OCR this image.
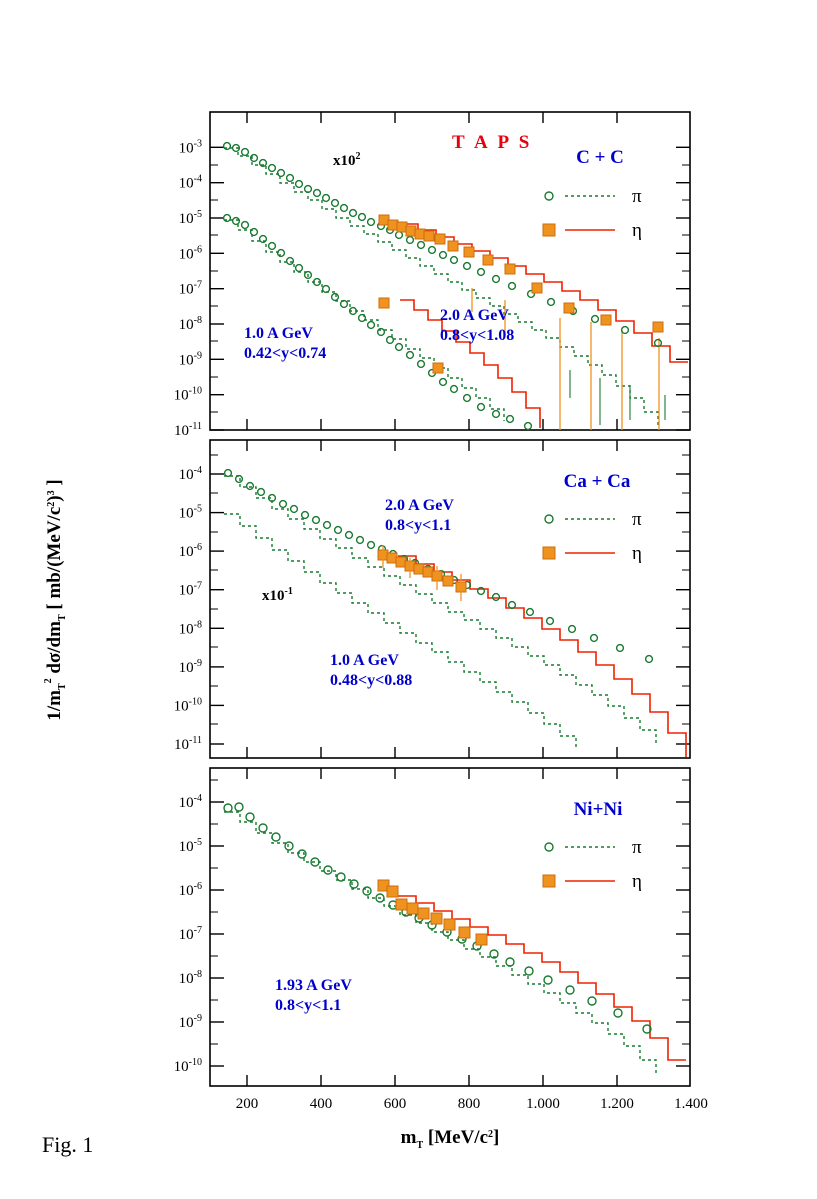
$10^{-11}$
$10^{-10}$
$10^{-9}$
$10^{-8}$
$10^{-7}$
$10^{-6}$
$10^{-5}$
$10^{-4}$
$10^{-3}$
$x10^2$
2.0 A GeV
0.8<y<1.08
1.0 A GeV
0.42<y<0.74
T A P S
C + C
π
η
$10^{-11}$
$10^{-10}$
$10^{-9}$
$10^{-8}$
$10^{-7}$
$10^{-6}$
$10^{-5}$
$10^{-4}$
$x10^{-1}$
2.0 A GeV
0.8<y<1.1
1.0 A GeV
0.48<y<0.88
Ca + Ca
π
η
$10^{-10}$
$10^{-9}$
$10^{-8}$
$10^{-7}$
$10^{-6}$
$10^{-5}$
$10^{-4}$
1.93 A GeV
0.8<y<1.1
Ni+Ni
π
η
200	400	600	800	1.000	1.200	1.400
$m_T$ $[MeV/c^2]$
$1/m_T^2$ $d\sigma/dm_T$ [ $mb/(MeV/c^2)^3$ ]
Fig. 1
